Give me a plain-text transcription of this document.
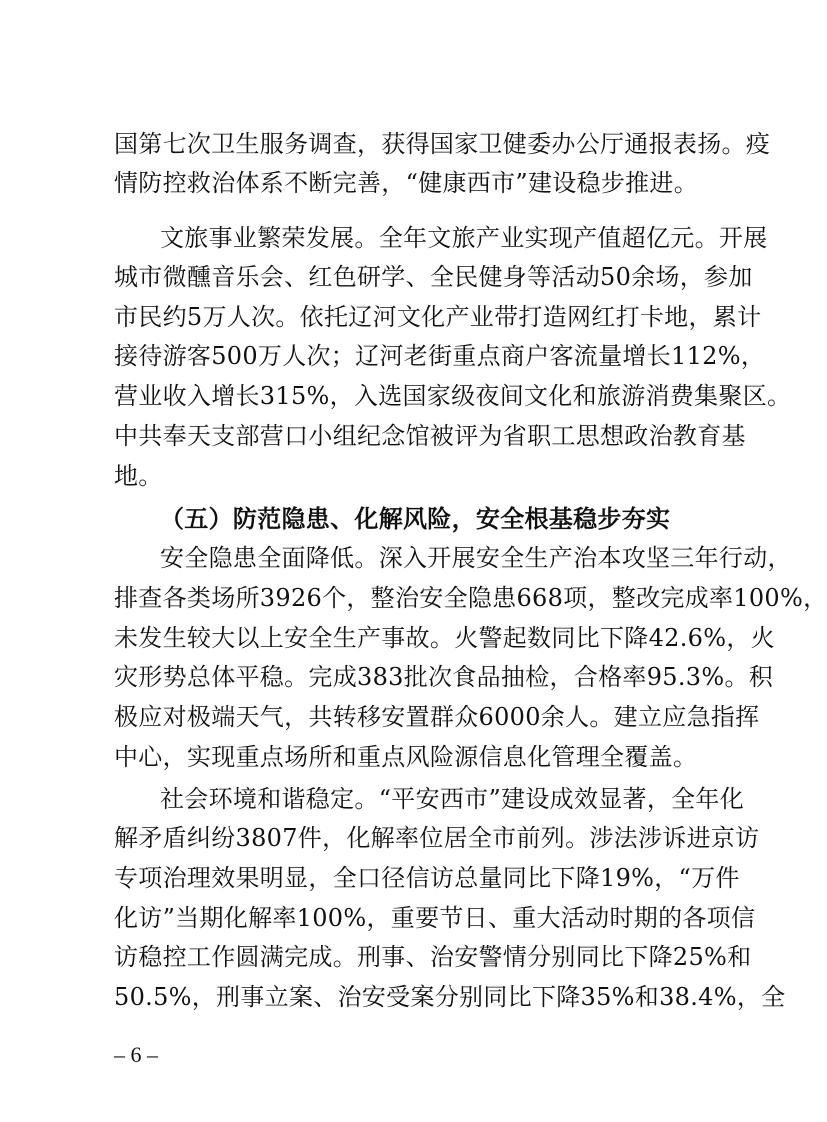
国第七次卫生服务调查，获得国家卫健委办公厅通报表扬。疫
情防控救治体系不断完善，“健康西市”建设稳步推进。
文旅事业繁荣发展。全年文旅产业实现产值超亿元。开展
城市微醺音乐会、红色研学、全民健身等活动50余场，参加
市民约5万人次。依托辽河文化产业带打造网红打卡地，累计
接待游客500万人次；辽河老街重点商户客流量增长112%，
营业收入增长315%，入选国家级夜间文化和旅游消费集聚区。
中共奉天支部营口小组纪念馆被评为省职工思想政治教育基
地。
（五）防范隐患、化解风险，安全根基稳步夯实
安全隐患全面降低。深入开展安全生产治本攻坚三年行动，
排查各类场所3926个，整治安全隐患668项，整改完成率100%，
未发生较大以上安全生产事故。火警起数同比下降42.6%，火
灾形势总体平稳。完成383批次食品抽检，合格率95.3%。积
极应对极端天气，共转移安置群众6000余人。建立应急指挥
中心，实现重点场所和重点风险源信息化管理全覆盖。
社会环境和谐稳定。“平安西市”建设成效显著，全年化
解矛盾纠纷3807件，化解率位居全市前列。涉法涉诉进京访
专项治理效果明显，全口径信访总量同比下降19%，“万件
化访”当期化解率100%，重要节日、重大活动时期的各项信
访稳控工作圆满完成。刑事、治安警情分别同比下降25%和
50.5%，刑事立案、治安受案分别同比下降35%和38.4%，全
– 6 –
